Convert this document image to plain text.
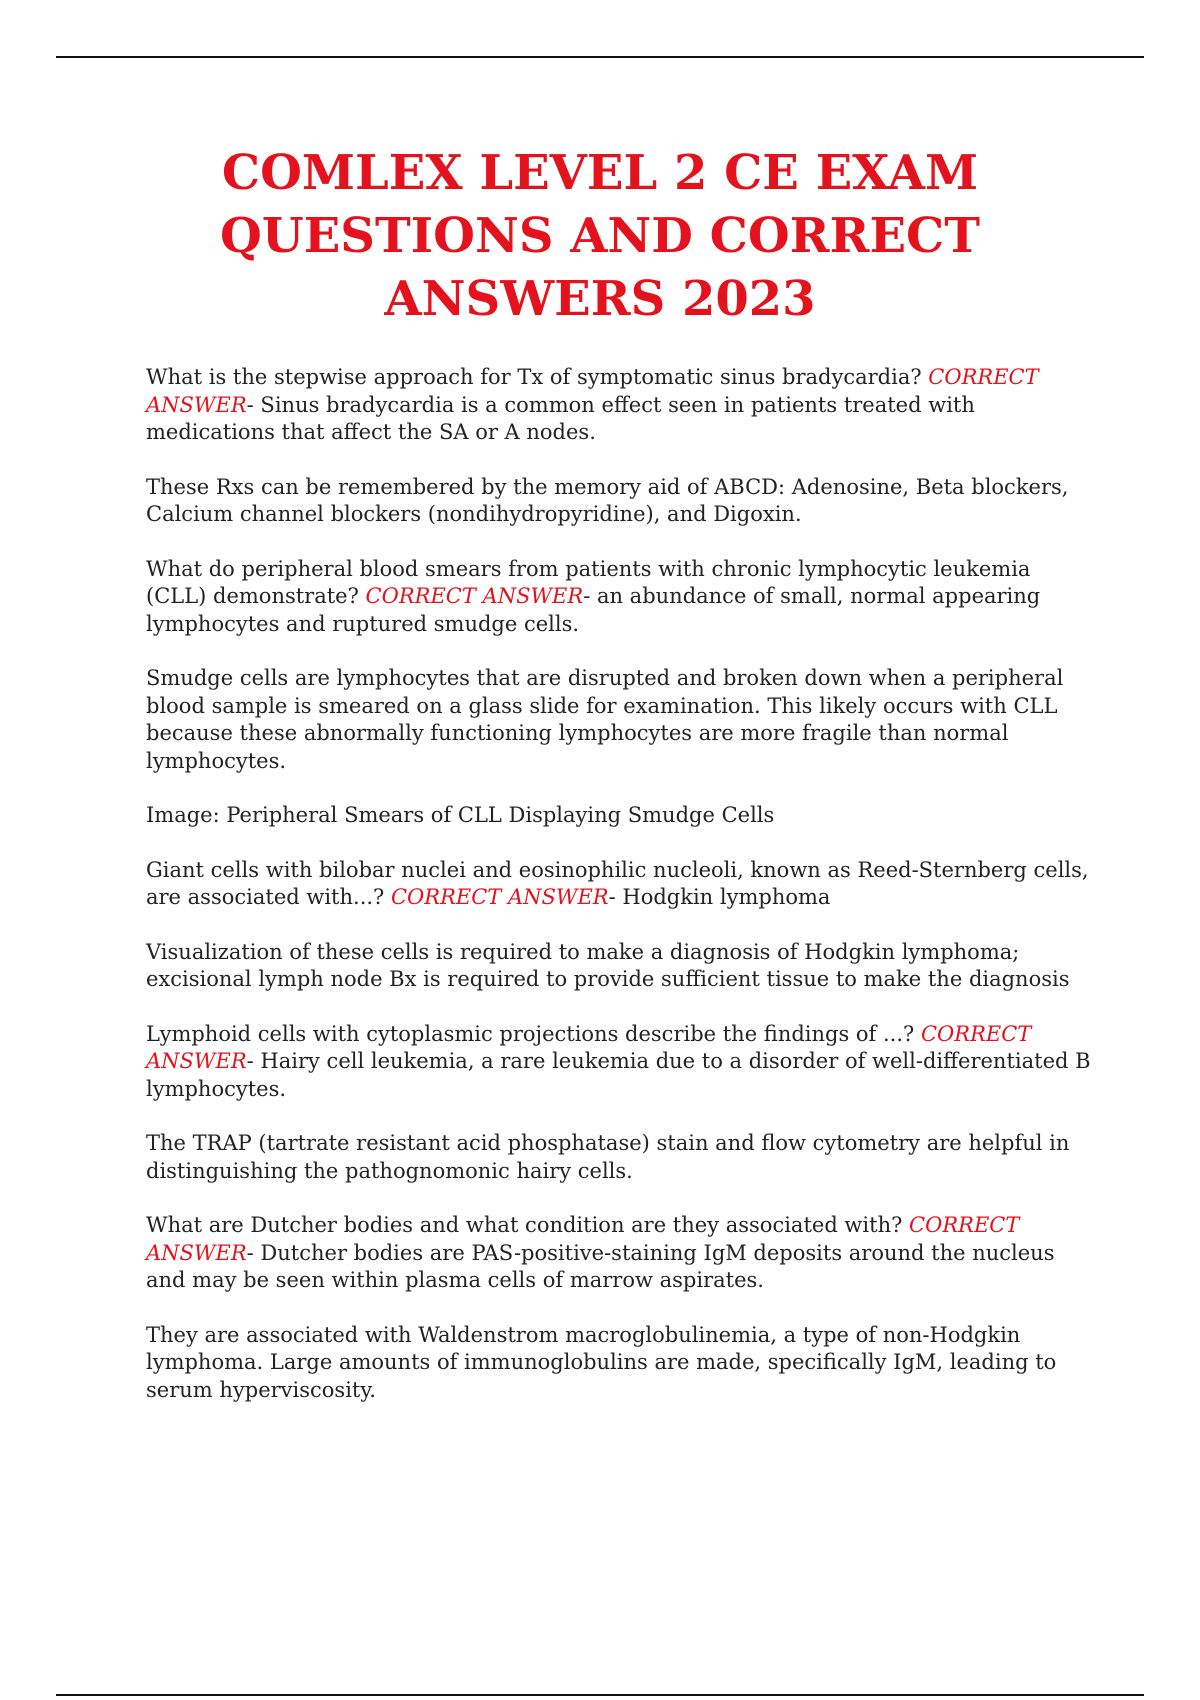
COMLEX LEVEL 2 CE EXAM
QUESTIONS AND CORRECT
ANSWERS 2023

What is the stepwise approach for Tx of symptomatic sinus bradycardia? CORRECT
ANSWER- Sinus bradycardia is a common effect seen in patients treated with
medications that affect the SA or A nodes.

These Rxs can be remembered by the memory aid of ABCD: Adenosine, Beta blockers,
Calcium channel blockers (nondihydropyridine), and Digoxin.

What do peripheral blood smears from patients with chronic lymphocytic leukemia
(CLL) demonstrate? CORRECT ANSWER- an abundance of small, normal appearing
lymphocytes and ruptured smudge cells.

Smudge cells are lymphocytes that are disrupted and broken down when a peripheral
blood sample is smeared on a glass slide for examination. This likely occurs with CLL
because these abnormally functioning lymphocytes are more fragile than normal
lymphocytes.

Image: Peripheral Smears of CLL Displaying Smudge Cells

Giant cells with bilobar nuclei and eosinophilic nucleoli, known as Reed-Sternberg cells,
are associated with...? CORRECT ANSWER- Hodgkin lymphoma

Visualization of these cells is required to make a diagnosis of Hodgkin lymphoma;
excisional lymph node Bx is required to provide sufficient tissue to make the diagnosis

Lymphoid cells with cytoplasmic projections describe the findings of ...? CORRECT
ANSWER- Hairy cell leukemia, a rare leukemia due to a disorder of well-differentiated B
lymphocytes.

The TRAP (tartrate resistant acid phosphatase) stain and flow cytometry are helpful in
distinguishing the pathognomonic hairy cells.

What are Dutcher bodies and what condition are they associated with? CORRECT
ANSWER- Dutcher bodies are PAS-positive-staining IgM deposits around the nucleus
and may be seen within plasma cells of marrow aspirates.

They are associated with Waldenstrom macroglobulinemia, a type of non-Hodgkin
lymphoma. Large amounts of immunoglobulins are made, specifically IgM, leading to
serum hyperviscosity.
